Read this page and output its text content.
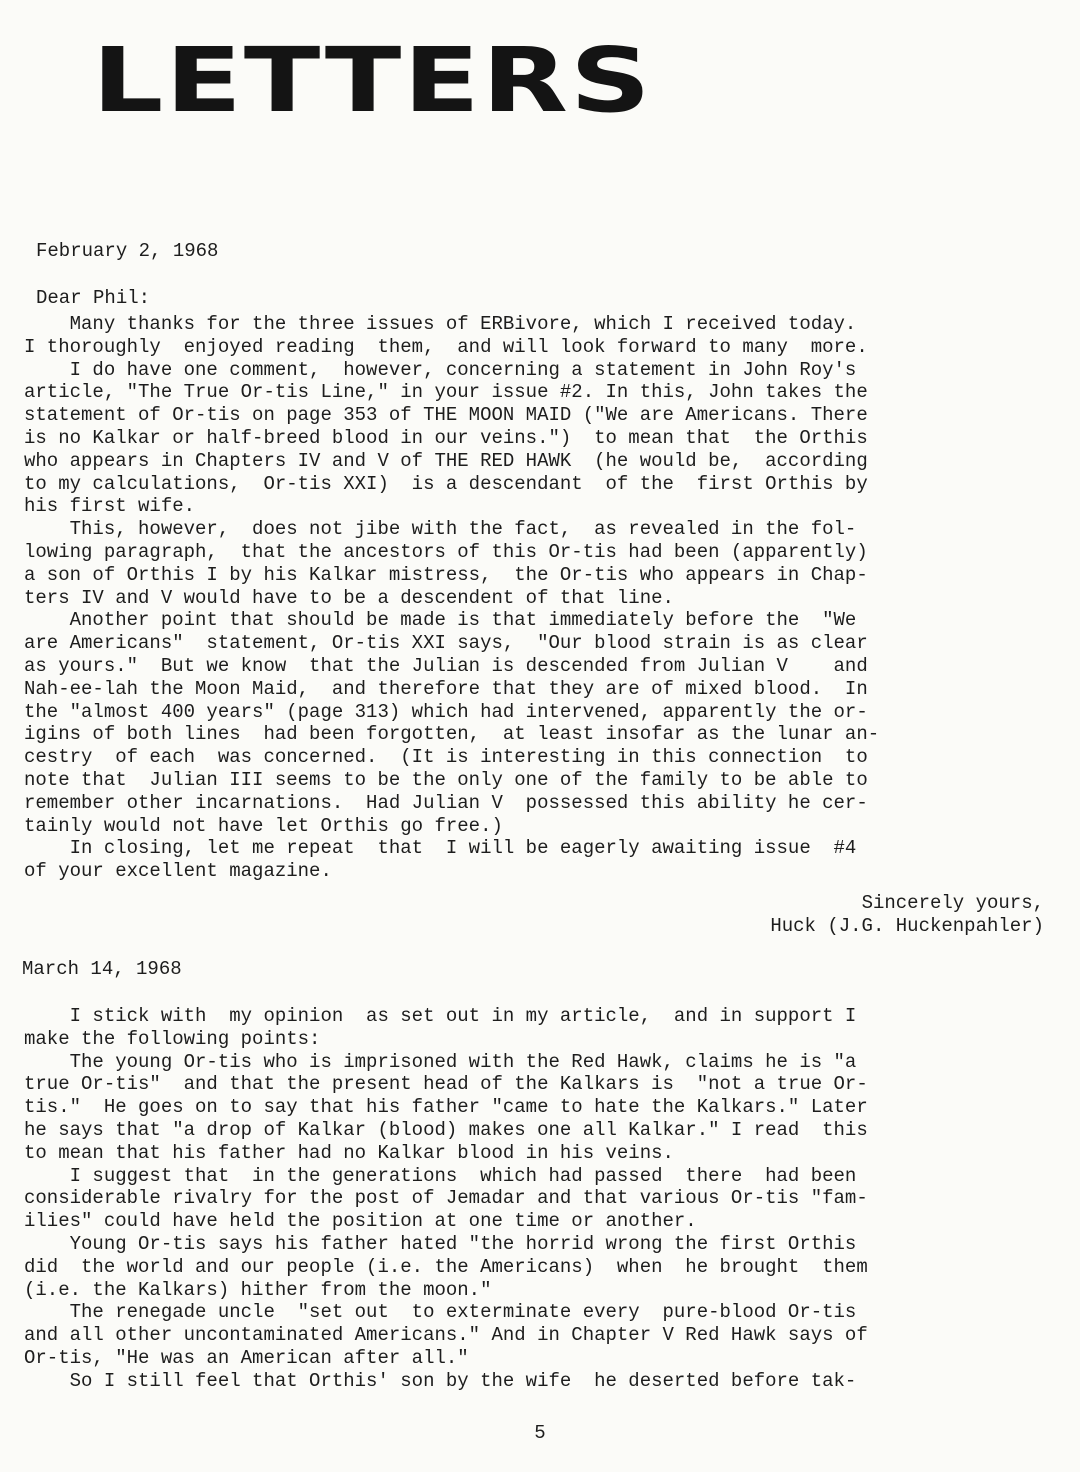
LETTERS
February 2, 1968
Dear Phil:
Many thanks for the three issues of ERBivore, which I received today.
I thoroughly  enjoyed reading  them,  and will look forward to many  more.
I do have one comment,  however, concerning a statement in John Roy's
article, "The True Or-tis Line," in your issue #2. In this, John takes the
statement of Or-tis on page 353 of THE MOON MAID ("We are Americans. There
is no Kalkar or half-breed blood in our veins.")  to mean that  the Orthis
who appears in Chapters IV and V of THE RED HAWK  (he would be,  according
to my calculations,  Or-tis XXI)  is a descendant  of the  first Orthis by
his first wife.
This, however,  does not jibe with the fact,  as revealed in the fol-
lowing paragraph,  that the ancestors of this Or-tis had been (apparently)
a son of Orthis I by his Kalkar mistress,  the Or-tis who appears in Chap-
ters IV and V would have to be a descendent of that line.
Another point that should be made is that immediately before the  "We
are Americans"  statement, Or-tis XXI says,  "Our blood strain is as clear
as yours."  But we know  that the Julian is descended from Julian V    and
Nah-ee-lah the Moon Maid,  and therefore that they are of mixed blood.  In
the "almost 400 years" (page 313) which had intervened, apparently the or-
igins of both lines  had been forgotten,  at least insofar as the lunar an-
cestry  of each  was concerned.  (It is interesting in this connection  to
note that  Julian III seems to be the only one of the family to be able to
remember other incarnations.  Had Julian V  possessed this ability he cer-
tainly would not have let Orthis go free.)
In closing, let me repeat  that  I will be eagerly awaiting issue  #4
of your excellent magazine.
Sincerely yours,
Huck (J.G. Huckenpahler)
March 14, 1968
I stick with  my opinion  as set out in my article,  and in support I
make the following points:
The young Or-tis who is imprisoned with the Red Hawk, claims he is "a
true Or-tis"  and that the present head of the Kalkars is  "not a true Or-
tis."  He goes on to say that his father "came to hate the Kalkars." Later
he says that "a drop of Kalkar (blood) makes one all Kalkar." I read  this
to mean that his father had no Kalkar blood in his veins.
I suggest that  in the generations  which had passed  there  had been
considerable rivalry for the post of Jemadar and that various Or-tis "fam-
ilies" could have held the position at one time or another.
Young Or-tis says his father hated "the horrid wrong the first Orthis
did  the world and our people (i.e. the Americans)  when  he brought  them
(i.e. the Kalkars) hither from the moon."
The renegade uncle  "set out  to exterminate every  pure-blood Or-tis
and all other uncontaminated Americans." And in Chapter V Red Hawk says of
Or-tis, "He was an American after all."
So I still feel that Orthis' son by the wife  he deserted before tak-
5
